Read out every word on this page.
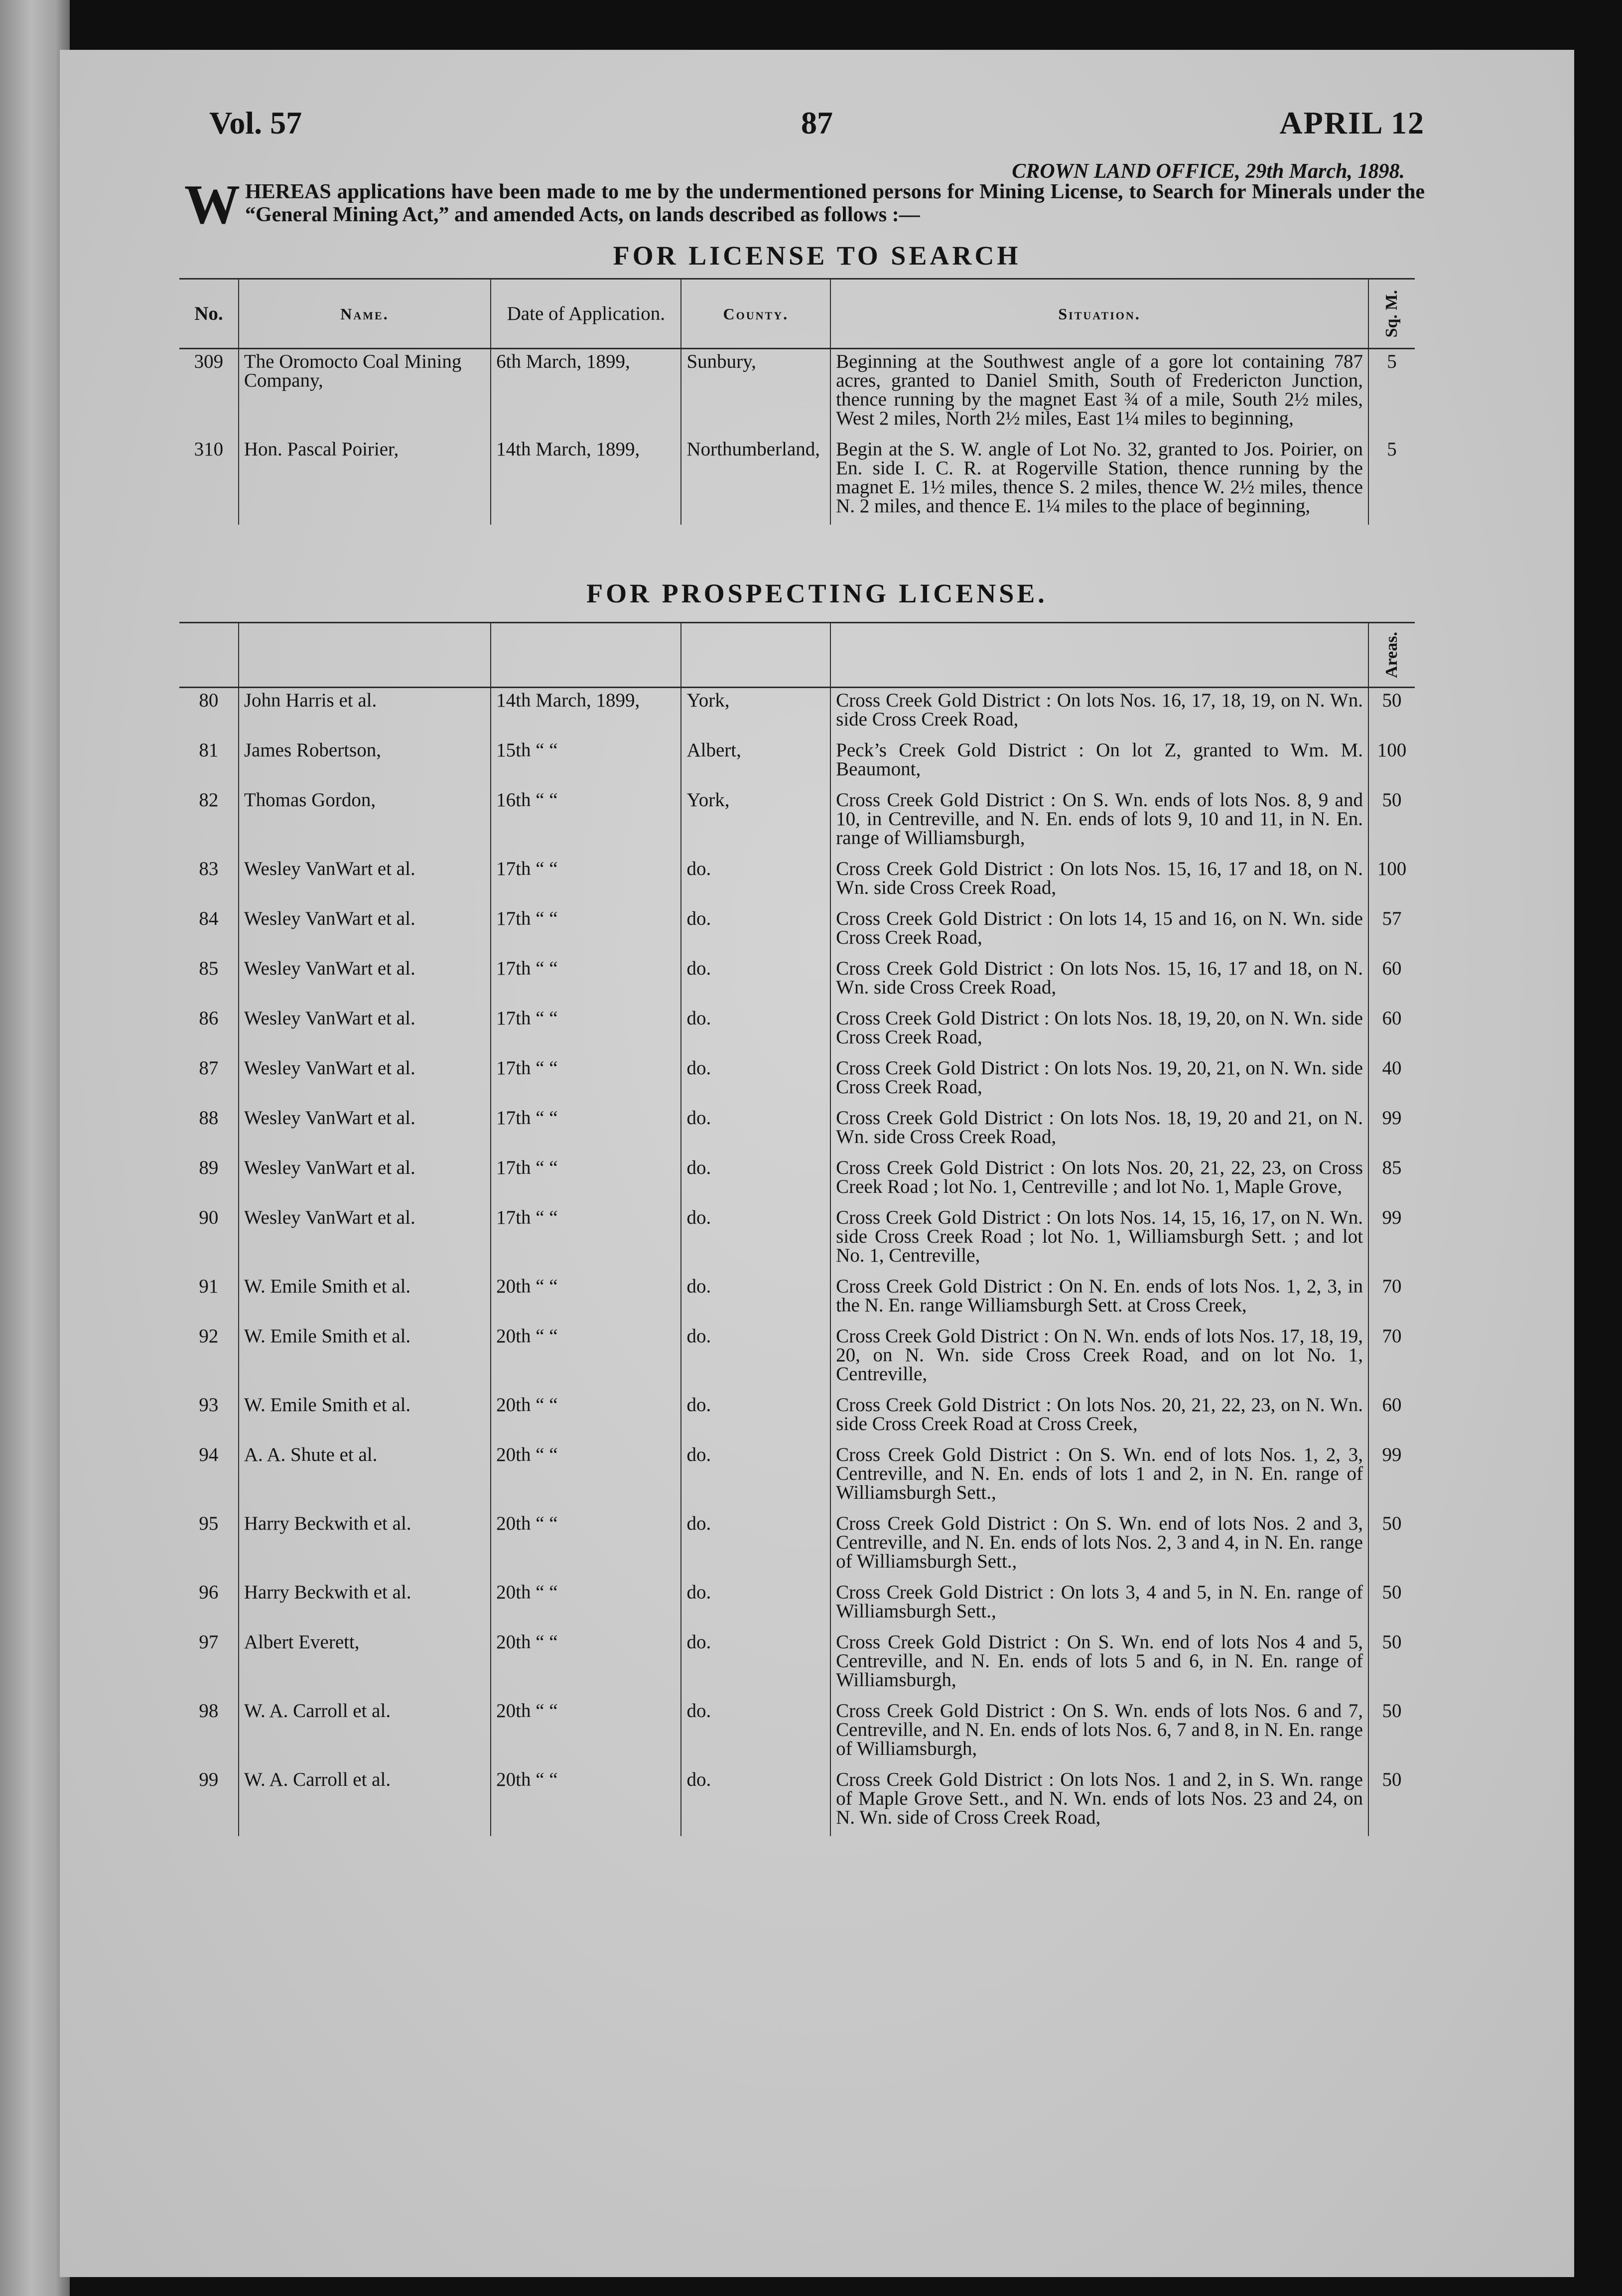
Vol. 57	87	APRIL 12
CROWN LAND OFFICE, 29th March, 1898.
W HEREAS applications have been made to me by the undermentioned persons for Mining License, to Search for Minerals under the “General Mining Act,” and amended Acts, on lands described as follows :—
FOR LICENSE TO SEARCH
No.	Name.	Date of Application.	County.	Situation.	Sq. M.

309	The Oromocto Coal Mining Company,	6th March, 1899,	Sunbury,	Beginning at the Southwest angle of a gore lot containing 787 acres, granted to Daniel Smith, South of Fredericton Junction, thence running by the magnet East ¾ of a mile, South 2½ miles, West 2 miles, North 2½ miles, East 1¼ miles to beginning,	5
310	Hon. Pascal Poirier,	14th March, 1899,	Northumberland,	Begin at the S. W. angle of Lot No. 32, granted to Jos. Poirier, on En. side I. C. R. at Rogerville Station, thence running by the magnet E. 1½ miles, thence S. 2 miles, thence W. 2½ miles, thence N. 2 miles, and thence E. 1¼ miles to the place of beginning,	5
FOR PROSPECTING LICENSE.

					Areas.

80	John Harris et al.	14th March, 1899,	York,	Cross Creek Gold District : On lots Nos. 16, 17, 18, 19, on N. Wn. side Cross Creek Road,	50
81	James Robertson,	15th “ “	Albert,	Peck’s Creek Gold District : On lot Z, granted to Wm. M. Beaumont,	100
82	Thomas Gordon,	16th “ “	York,	Cross Creek Gold District : On S. Wn. ends of lots Nos. 8, 9 and 10, in Centreville, and N. En. ends of lots 9, 10 and 11, in N. En. range of Williamsburgh,	50
83	Wesley VanWart et al.	17th “ “	do.	Cross Creek Gold District : On lots Nos. 15, 16, 17 and 18, on N. Wn. side Cross Creek Road,	100
84	Wesley VanWart et al.	17th “ “	do.	Cross Creek Gold District : On lots 14, 15 and 16, on N. Wn. side Cross Creek Road,	57
85	Wesley VanWart et al.	17th “ “	do.	Cross Creek Gold District : On lots Nos. 15, 16, 17 and 18, on N. Wn. side Cross Creek Road,	60
86	Wesley VanWart et al.	17th “ “	do.	Cross Creek Gold District : On lots Nos. 18, 19, 20, on N. Wn. side Cross Creek Road,	60
87	Wesley VanWart et al.	17th “ “	do.	Cross Creek Gold District : On lots Nos. 19, 20, 21, on N. Wn. side Cross Creek Road,	40
88	Wesley VanWart et al.	17th “ “	do.	Cross Creek Gold District : On lots Nos. 18, 19, 20 and 21, on N. Wn. side Cross Creek Road,	99
89	Wesley VanWart et al.	17th “ “	do.	Cross Creek Gold District : On lots Nos. 20, 21, 22, 23, on Cross Creek Road ; lot No. 1, Centreville ; and lot No. 1, Maple Grove,	85
90	Wesley VanWart et al.	17th “ “	do.	Cross Creek Gold District : On lots Nos. 14, 15, 16, 17, on N. Wn. side Cross Creek Road ; lot No. 1, Williamsburgh Sett. ; and lot No. 1, Centreville,	99
91	W. Emile Smith et al.	20th “ “	do.	Cross Creek Gold District : On N. En. ends of lots Nos. 1, 2, 3, in the N. En. range Williamsburgh Sett. at Cross Creek,	70
92	W. Emile Smith et al.	20th “ “	do.	Cross Creek Gold District : On N. Wn. ends of lots Nos. 17, 18, 19, 20, on N. Wn. side Cross Creek Road, and on lot No. 1, Centreville,	70
93	W. Emile Smith et al.	20th “ “	do.	Cross Creek Gold District : On lots Nos. 20, 21, 22, 23, on N. Wn. side Cross Creek Road at Cross Creek,	60
94	A. A. Shute et al.	20th “ “	do.	Cross Creek Gold District : On S. Wn. end of lots Nos. 1, 2, 3, Centreville, and N. En. ends of lots 1 and 2, in N. En. range of Williamsburgh Sett.,	99
95	Harry Beckwith et al.	20th “ “	do.	Cross Creek Gold District : On S. Wn. end of lots Nos. 2 and 3, Centreville, and N. En. ends of lots Nos. 2, 3 and 4, in N. En. range of Williamsburgh Sett.,	50
96	Harry Beckwith et al.	20th “ “	do.	Cross Creek Gold District : On lots 3, 4 and 5, in N. En. range of Williamsburgh Sett.,	50
97	Albert Everett,	20th “ “	do.	Cross Creek Gold District : On S. Wn. end of lots Nos 4 and 5, Centreville, and N. En. ends of lots 5 and 6, in N. En. range of Williamsburgh,	50
98	W. A. Carroll et al.	20th “ “	do.	Cross Creek Gold District : On S. Wn. ends of lots Nos. 6 and 7, Centreville, and N. En. ends of lots Nos. 6, 7 and 8, in N. En. range of Williamsburgh,	50
99	W. A. Carroll et al.	20th “ “	do.	Cross Creek Gold District : On lots Nos. 1 and 2, in S. Wn. range of Maple Grove Sett., and N. Wn. ends of lots Nos. 23 and 24, on N. Wn. side of Cross Creek Road,	50
